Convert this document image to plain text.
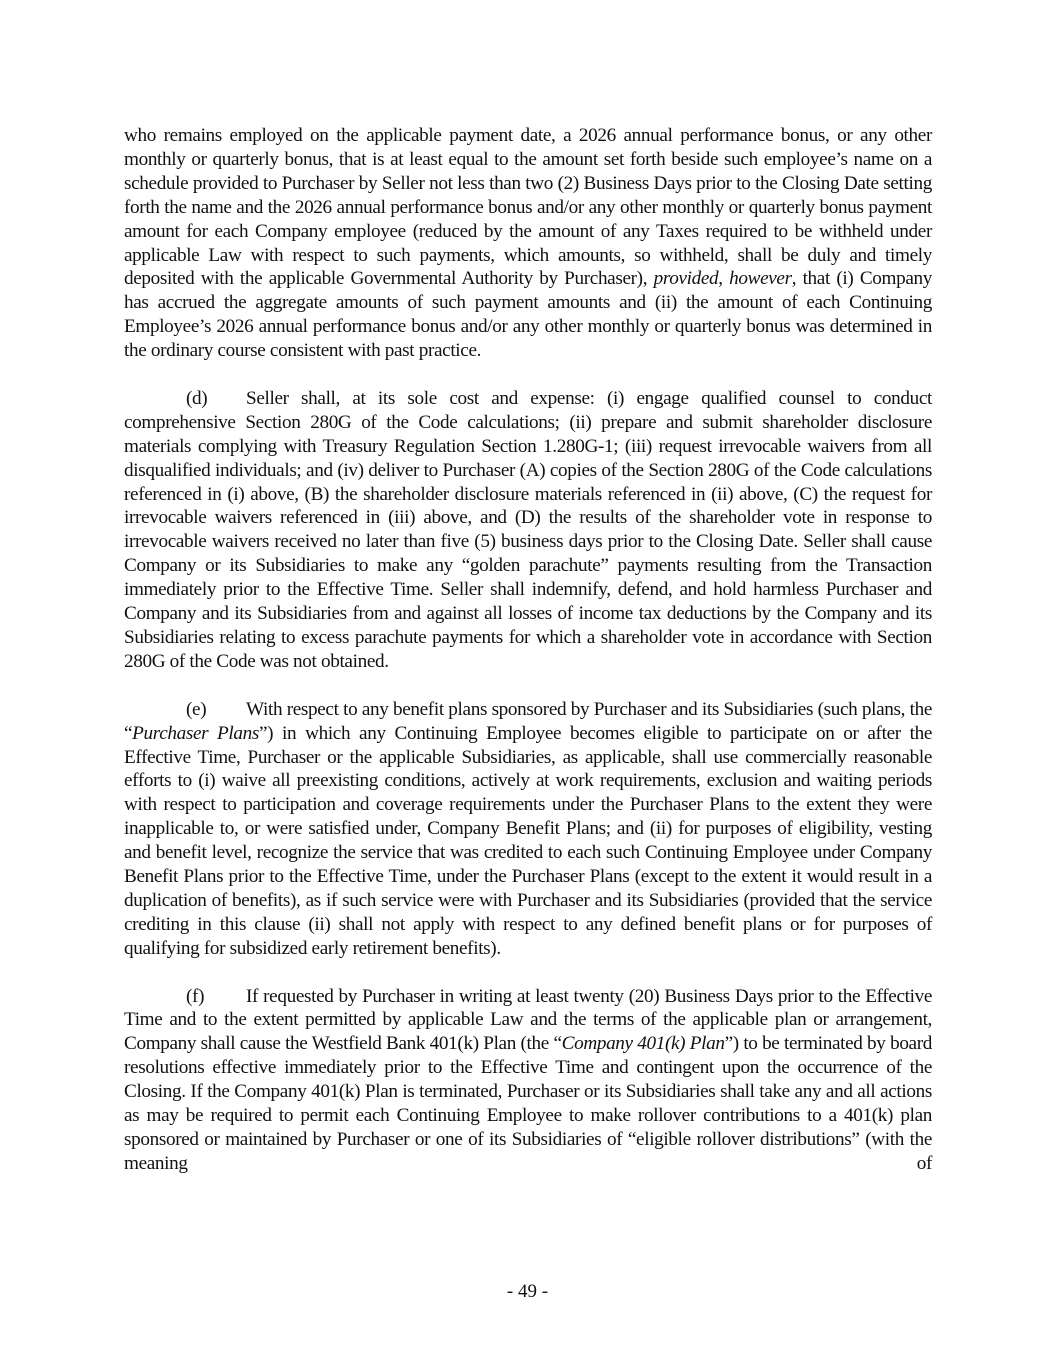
who remains employed on the applicable payment date, a 2026 annual performance bonus, or any other monthly or quarterly bonus, that is at least equal to the amount set forth beside such employee’s name on a schedule provided to Purchaser by Seller not less than two (2) Business Days prior to the Closing Date setting forth the name and the 2026 annual performance bonus and/or any other monthly or quarterly bonus payment amount for each Company employee (reduced by the amount of any Taxes required to be withheld under applicable Law with respect to such payments, which amounts, so withheld, shall be duly and timely deposited with the applicable Governmental Authority by Purchaser), provided, however, that (i) Company has accrued the aggregate amounts of such payment amounts and (ii) the amount of each Continuing Employee’s 2026 annual performance bonus and/or any other monthly or quarterly bonus was determined in the ordinary course consistent with past practice.

(d) Seller shall, at its sole cost and expense: (i) engage qualified counsel to conduct comprehensive Section 280G of the Code calculations; (ii) prepare and submit shareholder disclosure materials complying with Treasury Regulation Section 1.280G-1; (iii) request irrevocable waivers from all disqualified individuals; and (iv) deliver to Purchaser (A) copies of the Section 280G of the Code calculations referenced in (i) above, (B) the shareholder disclosure materials referenced in (ii) above, (C) the request for irrevocable waivers referenced in (iii) above, and (D) the results of the shareholder vote in response to irrevocable waivers received no later than five (5) business days prior to the Closing Date. Seller shall cause Company or its Subsidiaries to make any “golden parachute” payments resulting from the Transaction immediately prior to the Effective Time. Seller shall indemnify, defend, and hold harmless Purchaser and Company and its Subsidiaries from and against all losses of income tax deductions by the Company and its Subsidiaries relating to excess parachute payments for which a shareholder vote in accordance with Section 280G of the Code was not obtained.

(e) With respect to any benefit plans sponsored by Purchaser and its Subsidiaries (such plans, the “Purchaser Plans”) in which any Continuing Employee becomes eligible to participate on or after the Effective Time, Purchaser or the applicable Subsidiaries, as applicable, shall use commercially reasonable efforts to (i) waive all preexisting conditions, actively at work requirements, exclusion and waiting periods with respect to participation and coverage requirements under the Purchaser Plans to the extent they were inapplicable to, or were satisfied under, Company Benefit Plans; and (ii) for purposes of eligibility, vesting and benefit level, recognize the service that was credited to each such Continuing Employee under Company Benefit Plans prior to the Effective Time, under the Purchaser Plans (except to the extent it would result in a duplication of benefits), as if such service were with Purchaser and its Subsidiaries (provided that the service crediting in this clause (ii) shall not apply with respect to any defined benefit plans or for purposes of qualifying for subsidized early retirement benefits).

(f) If requested by Purchaser in writing at least twenty (20) Business Days prior to the Effective Time and to the extent permitted by applicable Law and the terms of the applicable plan or arrangement, Company shall cause the Westfield Bank 401(k) Plan (the “Company 401(k) Plan”) to be terminated by board resolutions effective immediately prior to the Effective Time and contingent upon the occurrence of the Closing. If the Company 401(k) Plan is terminated, Purchaser or its Subsidiaries shall take any and all actions as may be required to permit each Continuing Employee to make rollover contributions to a 401(k) plan sponsored or maintained by Purchaser or one of its Subsidiaries of “eligible rollover distributions” (with the meaning of

- 49 -
